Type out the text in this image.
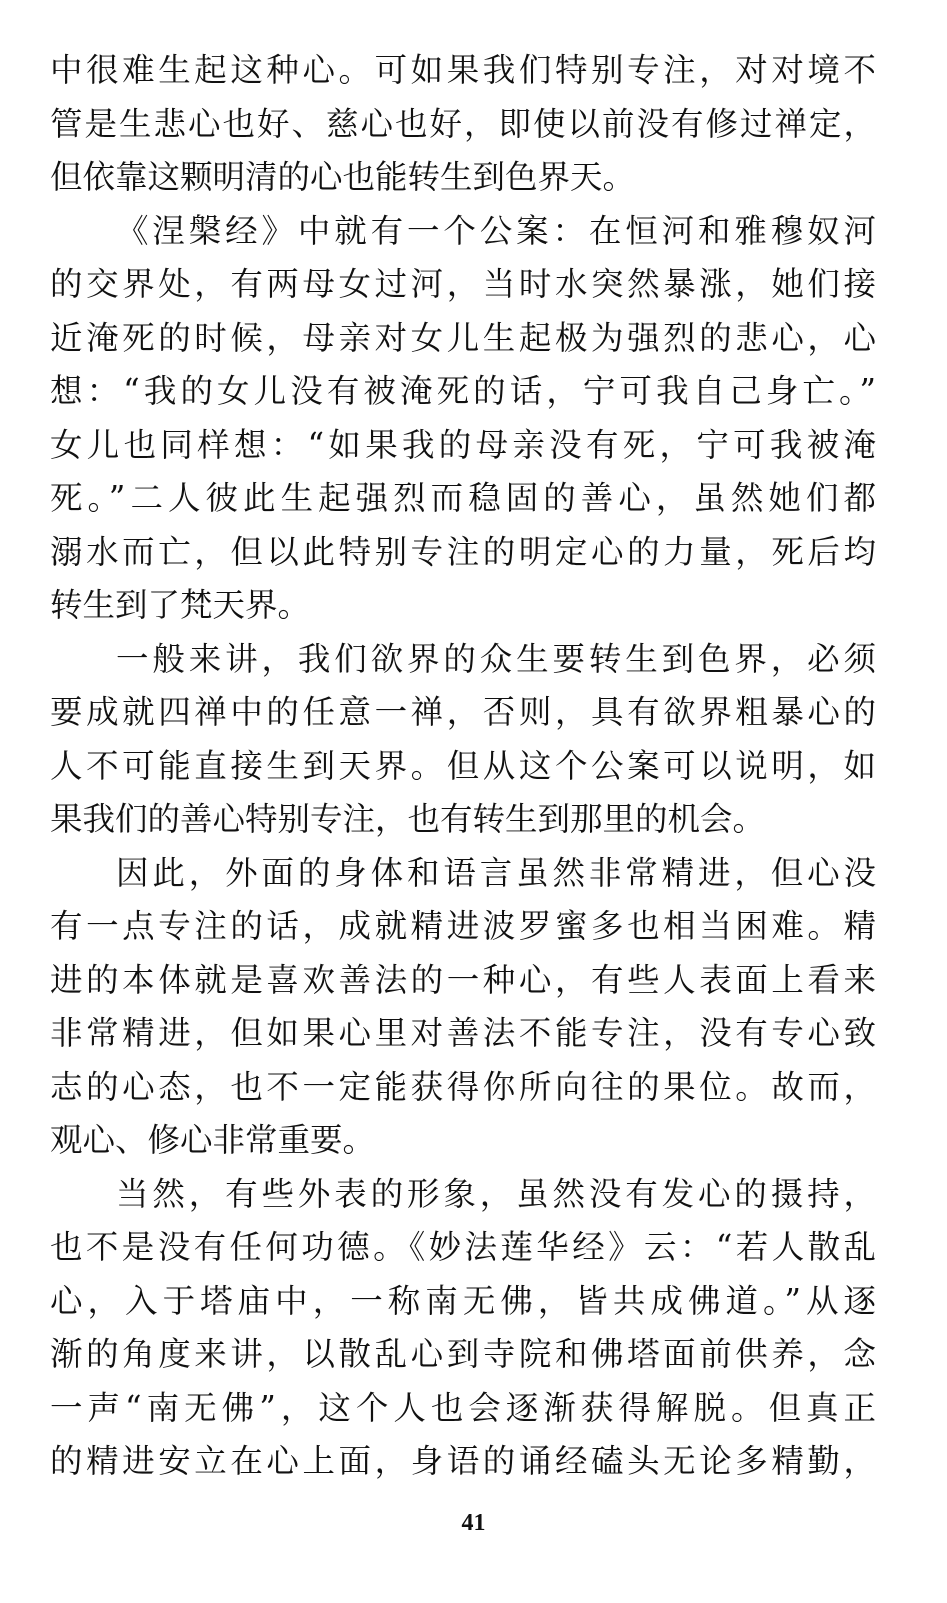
中很难生起这种心。可如果我们特别专注，对对境不
管是生悲心也好、慈心也好，即使以前没有修过禅定，
但依靠这颗明清的心也能转生到色界天。
《涅槃经》中就有一个公案：在恒河和雅穆奴河
的交界处，有两母女过河，当时水突然暴涨，她们接
近淹死的时候，母亲对女儿生起极为强烈的悲心，心
想：“我的女儿没有被淹死的话，宁可我自己身亡。”
女儿也同样想：“如果我的母亲没有死，宁可我被淹
死。”二人彼此生起强烈而稳固的善心，虽然她们都
溺水而亡，但以此特别专注的明定心的力量，死后均
转生到了梵天界。
一般来讲，我们欲界的众生要转生到色界，必须
要成就四禅中的任意一禅，否则，具有欲界粗暴心的
人不可能直接生到天界。但从这个公案可以说明，如
果我们的善心特别专注，也有转生到那里的机会。
因此，外面的身体和语言虽然非常精进，但心没
有一点专注的话，成就精进波罗蜜多也相当困难。精
进的本体就是喜欢善法的一种心，有些人表面上看来
非常精进，但如果心里对善法不能专注，没有专心致
志的心态，也不一定能获得你所向往的果位。故而，
观心、修心非常重要。
当然，有些外表的形象，虽然没有发心的摄持，
也不是没有任何功德。《妙法莲华经》云：“若人散乱
心，入于塔庙中，一称南无佛，皆共成佛道。”从逐
渐的角度来讲，以散乱心到寺院和佛塔面前供养，念
一声“南无佛”，这个人也会逐渐获得解脱。但真正
的精进安立在心上面，身语的诵经磕头无论多精勤，
41
